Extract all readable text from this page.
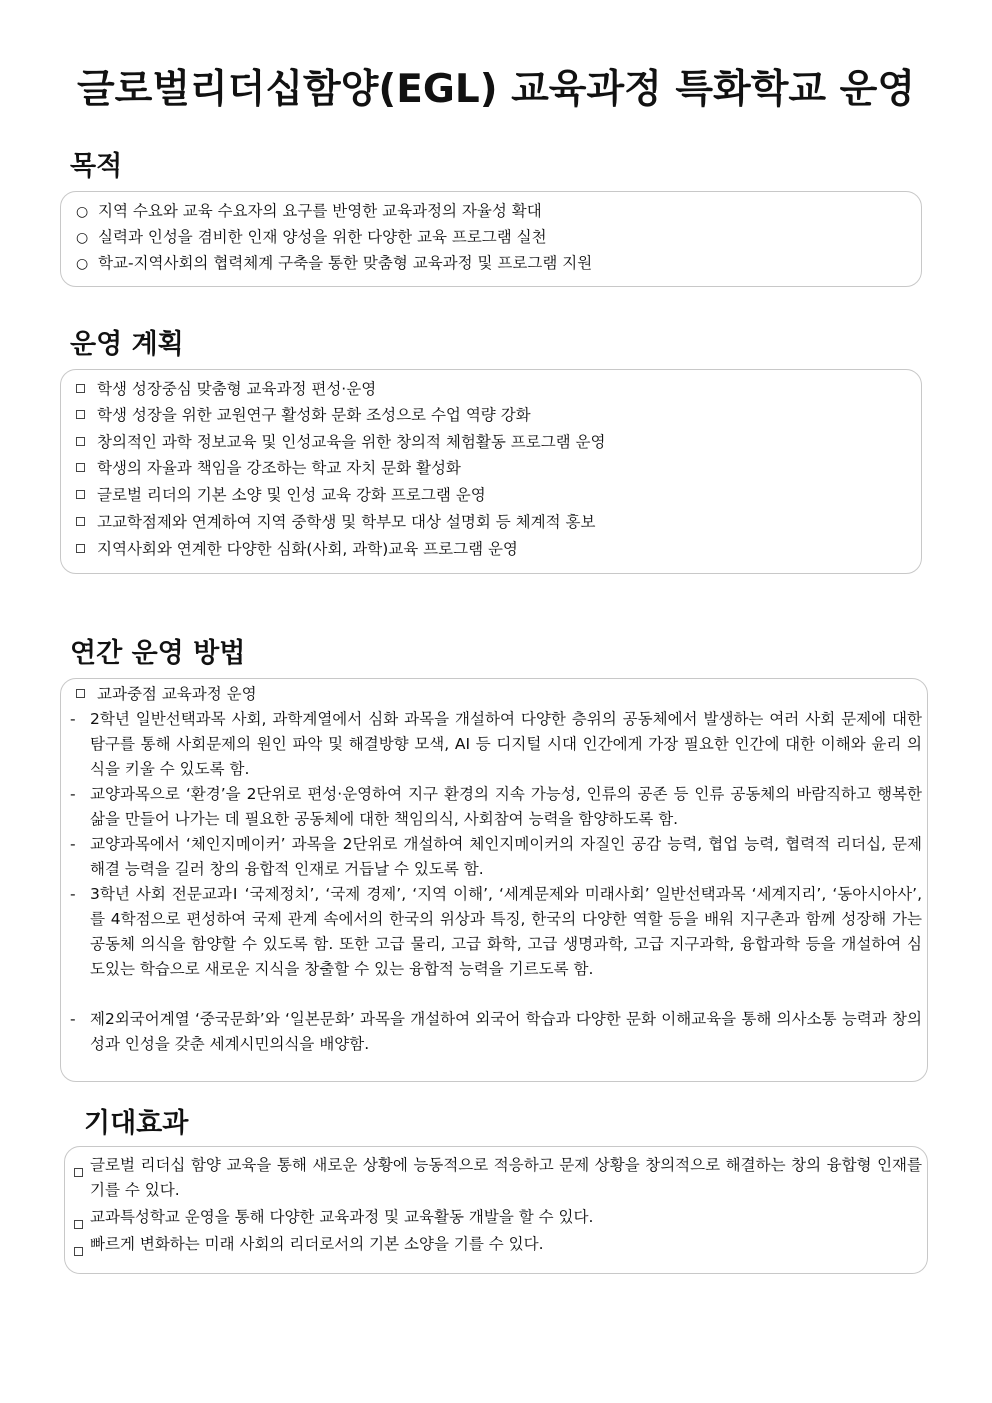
글로벌리더십함양(EGL) 교육과정 특화학교 운영
목적
○ 지역 수요와 교육 수요자의 요구를 반영한 교육과정의 자율성 확대
○ 실력과 인성을 겸비한 인재 양성을 위한 다양한 교육 프로그램 실천
○ 학교-지역사회의 협력체계 구축을 통한 맞춤형 교육과정 및 프로그램 지원
운영 계획
학생 성장중심 맞춤형 교육과정 편성·운영
학생 성장을 위한 교원연구 활성화 문화 조성으로 수업 역량 강화
창의적인 과학 정보교육 및 인성교육을 위한 창의적 체험활동 프로그램 운영
학생의 자율과 책임을 강조하는 학교 자치 문화 활성화
글로벌 리더의 기본 소양 및 인성 교육 강화 프로그램 운영
고교학점제와 연계하여 지역 중학생 및 학부모 대상 설명회 등 체계적 홍보
지역사회와 연계한 다양한 심화(사회, 과학)교육 프로그램 운영
연간 운영 방법
교과중점 교육과정 운영
- 2학년 일반선택과목 사회, 과학계열에서 심화 과목을 개설하여 다양한 층위의 공동체에서 발생하는 여러 사회 문제에 대한 탐구를 통해 사회문제의 원인 파악 및 해결방향 모색, AI 등 디지털 시대 인간에게 가장 필요한 인간에 대한 이해와 윤리 의식을 키울 수 있도록 함.
- 교양과목으로 ‘환경’을 2단위로 편성·운영하여 지구 환경의 지속 가능성, 인류의 공존 등 인류 공동체의 바람직하고 행복한 삶을 만들어 나가는 데 필요한 공동체에 대한 책임의식, 사회참여 능력을 함양하도록 함.
- 교양과목에서 ‘체인지메이커’ 과목을 2단위로 개설하여 체인지메이커의 자질인 공감 능력, 협업 능력, 협력적 리더십, 문제해결 능력을 길러 창의 융합적 인재로 거듭날 수 있도록 함.
- 3학년 사회 전문교과Ⅰ ‘국제정치’, ‘국제 경제’, ‘지역 이해’, ‘세계문제와 미래사회’ 일반선택과목 ‘세계지리’, ‘동아시아사’, 를 4학점으로 편성하여 국제 관계 속에서의 한국의 위상과 특징, 한국의 다양한 역할 등을 배워 지구촌과 함께 성장해 가는 공동체 의식을 함양할 수 있도록 함. 또한 고급 물리, 고급 화학, 고급 생명과학, 고급 지구과학, 융합과학 등을 개설하여 심도있는 학습으로 새로운 지식을 창출할 수 있는 융합적 능력을 기르도록 함.
- 제2외국어계열 ‘중국문화’와 ‘일본문화’ 과목을 개설하여 외국어 학습과 다양한 문화 이해교육을 통해 의사소통 능력과 창의성과 인성을 갖춘 세계시민의식을 배양함.
기대효과
글로벌 리더십 함양 교육을 통해 새로운 상황에 능동적으로 적응하고 문제 상황을 창의적으로 해결하는 창의 융합형 인재를 기를 수 있다.
교과특성학교 운영을 통해 다양한 교육과정 및 교육활동 개발을 할 수 있다.
빠르게 변화하는 미래 사회의 리더로서의 기본 소양을 기를 수 있다.
